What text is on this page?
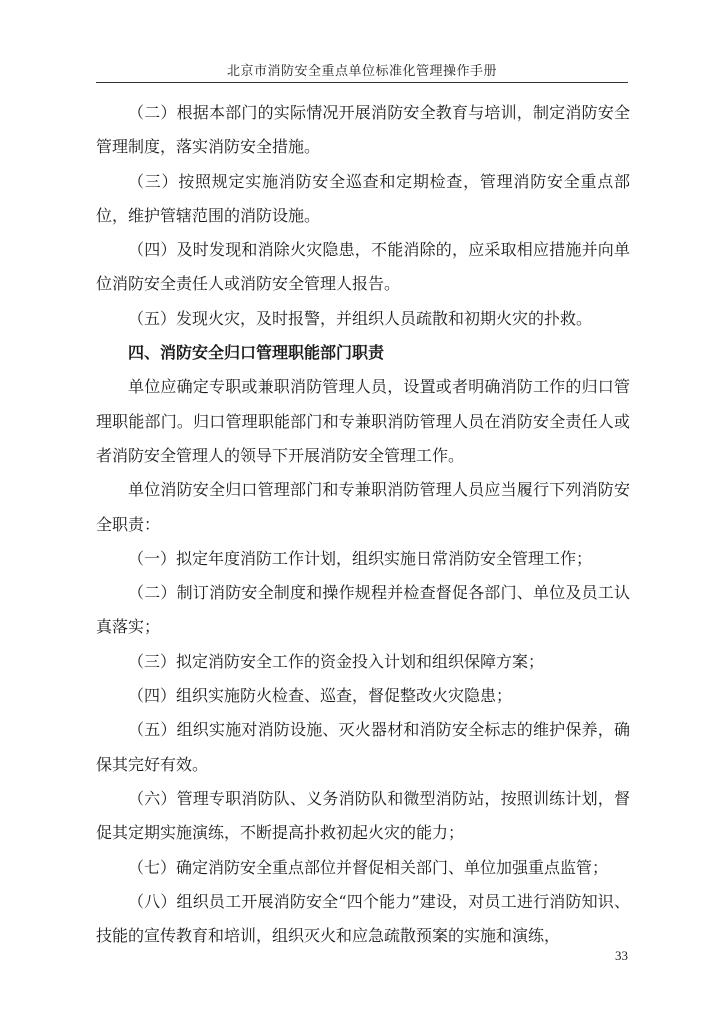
北京市消防安全重点单位标准化管理操作手册

（二）根据本部门的实际情况开展消防安全教育与培训，制定消防安全管理制度，落实消防安全措施。

（三）按照规定实施消防安全巡查和定期检查，管理消防安全重点部位，维护管辖范围的消防设施。

（四）及时发现和消除火灾隐患，不能消除的，应采取相应措施并向单位消防安全责任人或消防安全管理人报告。

（五）发现火灾，及时报警，并组织人员疏散和初期火灾的扑救。

四、消防安全归口管理职能部门职责

单位应确定专职或兼职消防管理人员，设置或者明确消防工作的归口管理职能部门。归口管理职能部门和专兼职消防管理人员在消防安全责任人或者消防安全管理人的领导下开展消防安全管理工作。

单位消防安全归口管理部门和专兼职消防管理人员应当履行下列消防安全职责：

（一）拟定年度消防工作计划，组织实施日常消防安全管理工作；

（二）制订消防安全制度和操作规程并检查督促各部门、单位及员工认真落实；

（三）拟定消防安全工作的资金投入计划和组织保障方案；

（四）组织实施防火检查、巡查，督促整改火灾隐患；

（五）组织实施对消防设施、灭火器材和消防安全标志的维护保养，确保其完好有效。

（六）管理专职消防队、义务消防队和微型消防站，按照训练计划，督促其定期实施演练，不断提高扑救初起火灾的能力；

（七）确定消防安全重点部位并督促相关部门、单位加强重点监管；

（八）组织员工开展消防安全“四个能力”建设，对员工进行消防知识、技能的宣传教育和培训，组织灭火和应急疏散预案的实施和演练，

33
